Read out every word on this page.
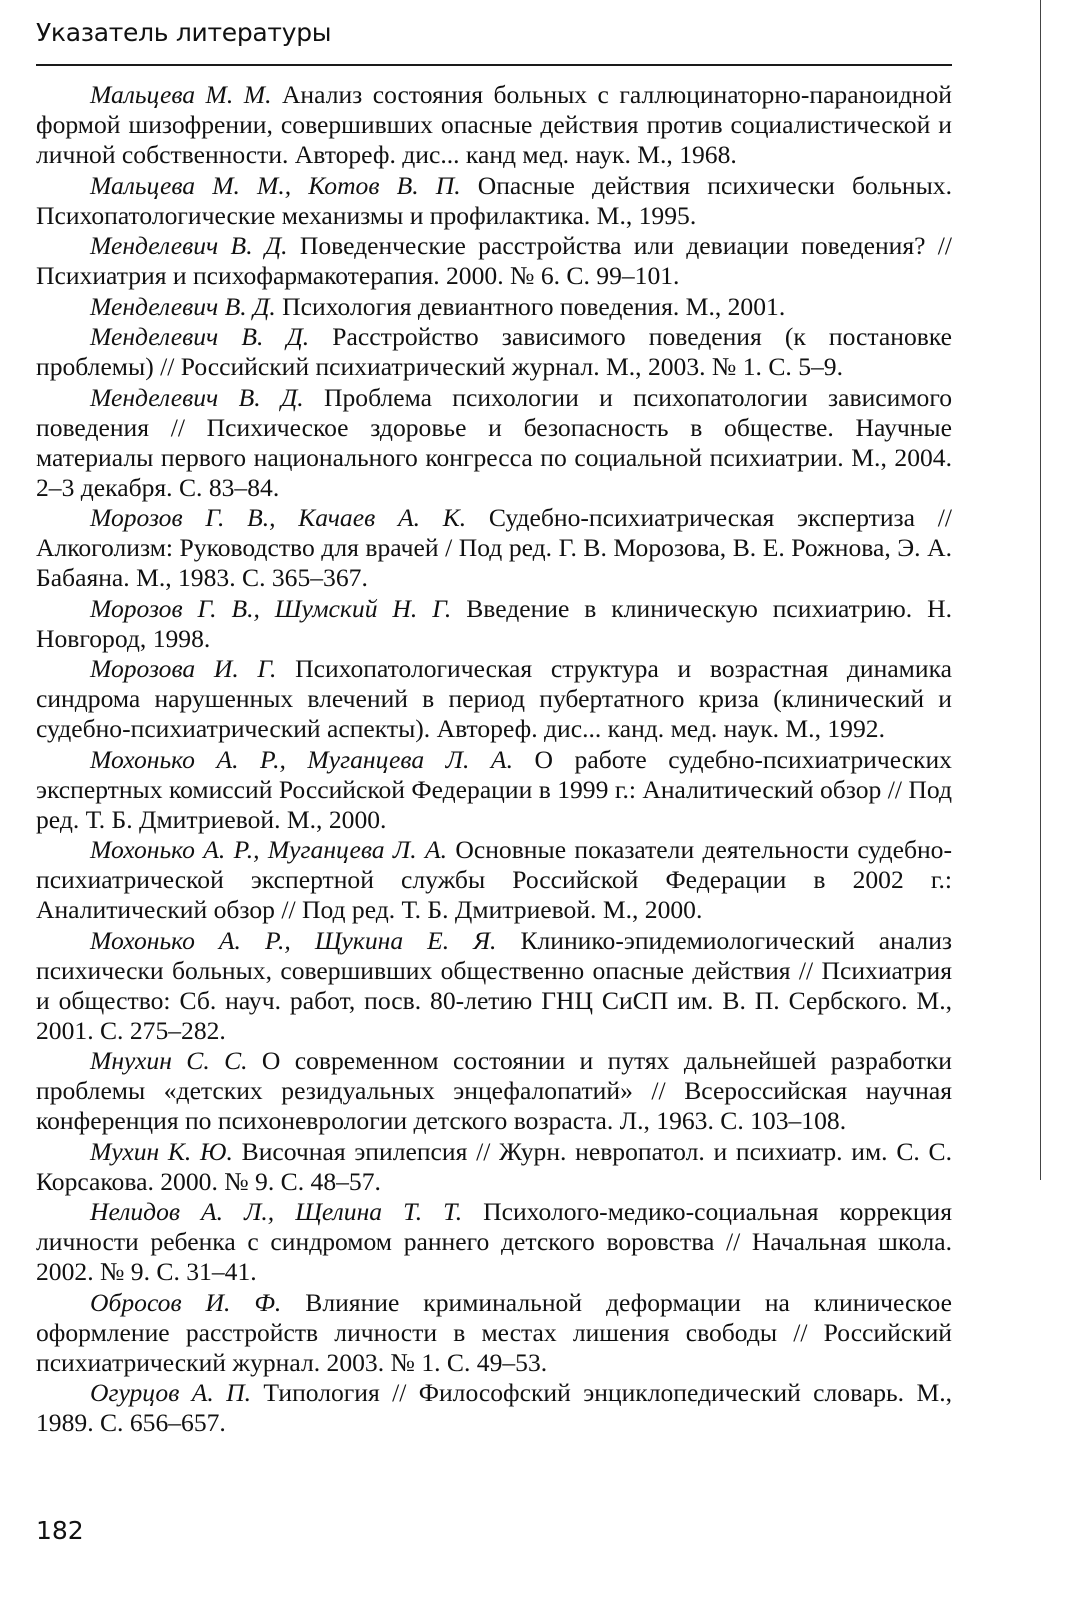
Указатель литературы

Мальцева М. М. Анализ состояния больных с галлюцинаторно-параноидной формой шизофрении, совершивших опасные действия против социалистической и личной собственности. Автореф. дис... канд мед. наук. М., 1968.

Мальцева М. М., Котов В. П. Опасные действия психически больных. Психопатологические механизмы и профилактика. М., 1995.

Менделевич В. Д. Поведенческие расстройства или девиации поведения? // Психиатрия и психофармакотерапия. 2000. № 6. С. 99–101.

Менделевич В. Д. Психология девиантного поведения. М., 2001.

Менделевич В. Д. Расстройство зависимого поведения (к постановке проблемы) // Российский психиатрический журнал. М., 2003. № 1. С. 5–9.

Менделевич В. Д. Проблема психологии и психопатологии зависимого поведения // Психическое здоровье и безопасность в обществе. Научные материалы первого национального конгресса по социальной психиатрии. М., 2004. 2–3 декабря. С. 83–84.

Морозов Г. В., Качаев А. К. Судебно-психиатрическая экспертиза // Алкоголизм: Руководство для врачей / Под ред. Г. В. Морозова, В. Е. Рожнова, Э. А. Бабаяна. М., 1983. С. 365–367.

Морозов Г. В., Шумский Н. Г. Введение в клиническую психиатрию. Н. Новгород, 1998.

Морозова И. Г. Психопатологическая структура и возрастная динамика синдрома нарушенных влечений в период пубертатного криза (клинический и судебно-психиатрический аспекты). Автореф. дис... канд. мед. наук. М., 1992.

Мохонько А. Р., Муганцева Л. А. О работе судебно-психиатрических экспертных комиссий Российской Федерации в 1999 г.: Аналитический обзор // Под ред. Т. Б. Дмитриевой. М., 2000.

Мохонько А. Р., Муганцева Л. А. Основные показатели деятельности судебно-психиатрической экспертной службы Российской Федерации в 2002 г.: Аналитический обзор // Под ред. Т. Б. Дмитриевой. М., 2000.

Мохонько А. Р., Щукина Е. Я. Клинико-эпидемиологический анализ психически больных, совершивших общественно опасные действия // Психиатрия и общество: Сб. науч. работ, посв. 80-летию ГНЦ СиСП им. В. П. Сербского. М., 2001. С. 275–282.

Мнухин С. С. О современном состоянии и путях дальнейшей разработки проблемы «детских резидуальных энцефалопатий» // Всероссийская научная конференция по психоневрологии детского возраста. Л., 1963. С. 103–108.

Мухин К. Ю. Височная эпилепсия // Журн. невропатол. и психиатр. им. С. С. Корсакова. 2000. № 9. С. 48–57.

Нелидов А. Л., Щелина Т. Т. Психолого-медико-социальная коррекция личности ребенка с синдромом раннего детского воровства // Начальная школа. 2002. № 9. С. 31–41.

Обросов И. Ф. Влияние криминальной деформации на клиническое оформление расстройств личности в местах лишения свободы // Российский психиатрический журнал. 2003. № 1. С. 49–53.

Огурцов А. П. Типология // Философский энциклопедический словарь. М., 1989. С. 656–657.

182
